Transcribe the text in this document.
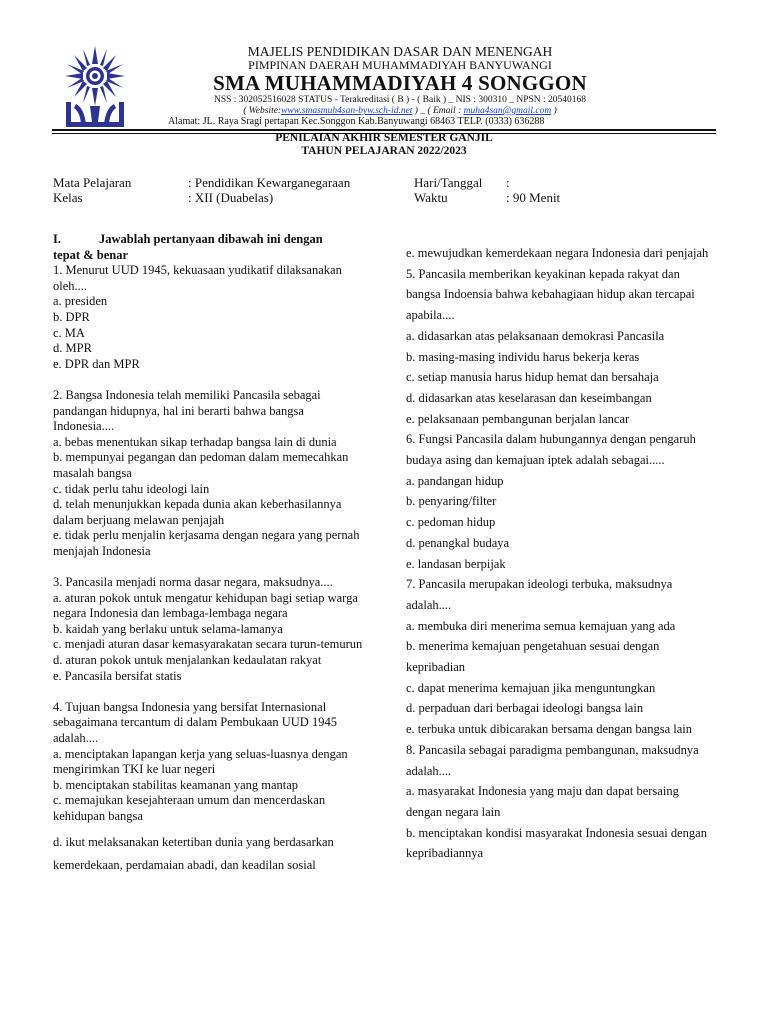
MAJELIS PENDIDIKAN DASAR DAN MENENGAH
PIMPINAN DAERAH MUHAMMADIYAH BANYUWANGI
SMA MUHAMMADIYAH 4 SONGGON
NSS : 302052516028 STATUS - Terakreditasi ( B ) - ( Baik ) _ NIS : 300310 _ NPSN : 20540168
( Website:www.smasmuh4san-byw.sch-id.net ) _ ( Email : muha4san@gmail.com )
Alamat: JL. Raya Sragi pertapan Kec.Songgon Kab.Banyuwangi 68463 TELP. (0333) 636288
PENILAIAN AKHIR SEMESTER GANJIL
TAHUN PELAJARAN 2022/2023
Mata Pelajaran	: Pendidikan Kewarganegaraan	Hari/Tanggal :
Kelas	: XII (Duabelas)	Waktu	: 90 Menit

I.	Jawablah pertanyaan dibawah ini dengan

tepat & benar

1. Menurut UUD 1945, kekuasaan yudikatif dilaksanakan oleh....

a. presiden

b. DPR

c. MA

d. MPR

e. DPR dan MPR

2. Bangsa Indonesia telah memiliki Pancasila sebagai pandangan hidupnya, hal ini berarti bahwa bangsa Indonesia....

a. bebas menentukan sikap terhadap bangsa lain di dunia

b. mempunyai pegangan dan pedoman dalam memecahkan masalah bangsa

c. tidak perlu tahu ideologi lain

d. telah menunjukkan kepada dunia akan keberhasilannya dalam berjuang melawan penjajah

e. tidak perlu menjalin kerjasama dengan negara yang pernah menjajah Indonesia

3. Pancasila menjadi norma dasar negara, maksudnya....

a. aturan pokok untuk mengatur kehidupan bagi setiap warga negara Indonesia dan lembaga-lembaga negara

b. kaidah yang berlaku untuk selama-lamanya

c. menjadi aturan dasar kemasyarakatan secara turun-temurun

d. aturan pokok untuk menjalankan kedaulatan rakyat

e. Pancasila bersifat statis

4. Tujuan bangsa Indonesia yang bersifat Internasional sebagaimana tercantum di dalam Pembukaan UUD 1945 adalah....

a. menciptakan lapangan kerja yang seluas-luasnya dengan mengirimkan TKI ke luar negeri

b. menciptakan stabilitas keamanan yang mantap

c. memajukan kesejahteraan umum dan mencerdaskan kehidupan bangsa

d. ikut melaksanakan ketertiban dunia yang berdasarkan kemerdekaan, perdamaian abadi, dan keadilan sosial

e. mewujudkan kemerdekaan negara Indonesia dari penjajah

5. Pancasila memberikan keyakinan kepada rakyat dan bangsa Indoensia bahwa kebahagiaan hidup akan tercapai apabila....

a. didasarkan atas pelaksanaan demokrasi Pancasila

b. masing-masing individu harus bekerja keras

c. setiap manusia harus hidup hemat dan bersahaja

d. didasarkan atas keselarasan dan keseimbangan

e. pelaksanaan pembangunan berjalan lancar

6. Fungsi Pancasila dalam hubungannya dengan pengaruh budaya asing dan kemajuan iptek adalah sebagai.....

a. pandangan hidup

b. penyaring/filter

c. pedoman hidup

d. penangkal budaya

e. landasan berpijak

7. Pancasila merupakan ideologi terbuka, maksudnya adalah....

a. membuka diri menerima semua kemajuan yang ada

b. menerima kemajuan pengetahuan sesuai dengan kepribadian

c. dapat menerima kemajuan jika menguntungkan

d. perpaduan dari berbagai ideologi bangsa lain

e. terbuka untuk dibicarakan bersama dengan bangsa lain

8. Pancasila sebagai paradigma pembangunan, maksudnya adalah....

a. masyarakat Indonesia yang maju dan dapat bersaing dengan negara lain

b. menciptakan kondisi masyarakat Indonesia sesuai dengan kepribadiannya
